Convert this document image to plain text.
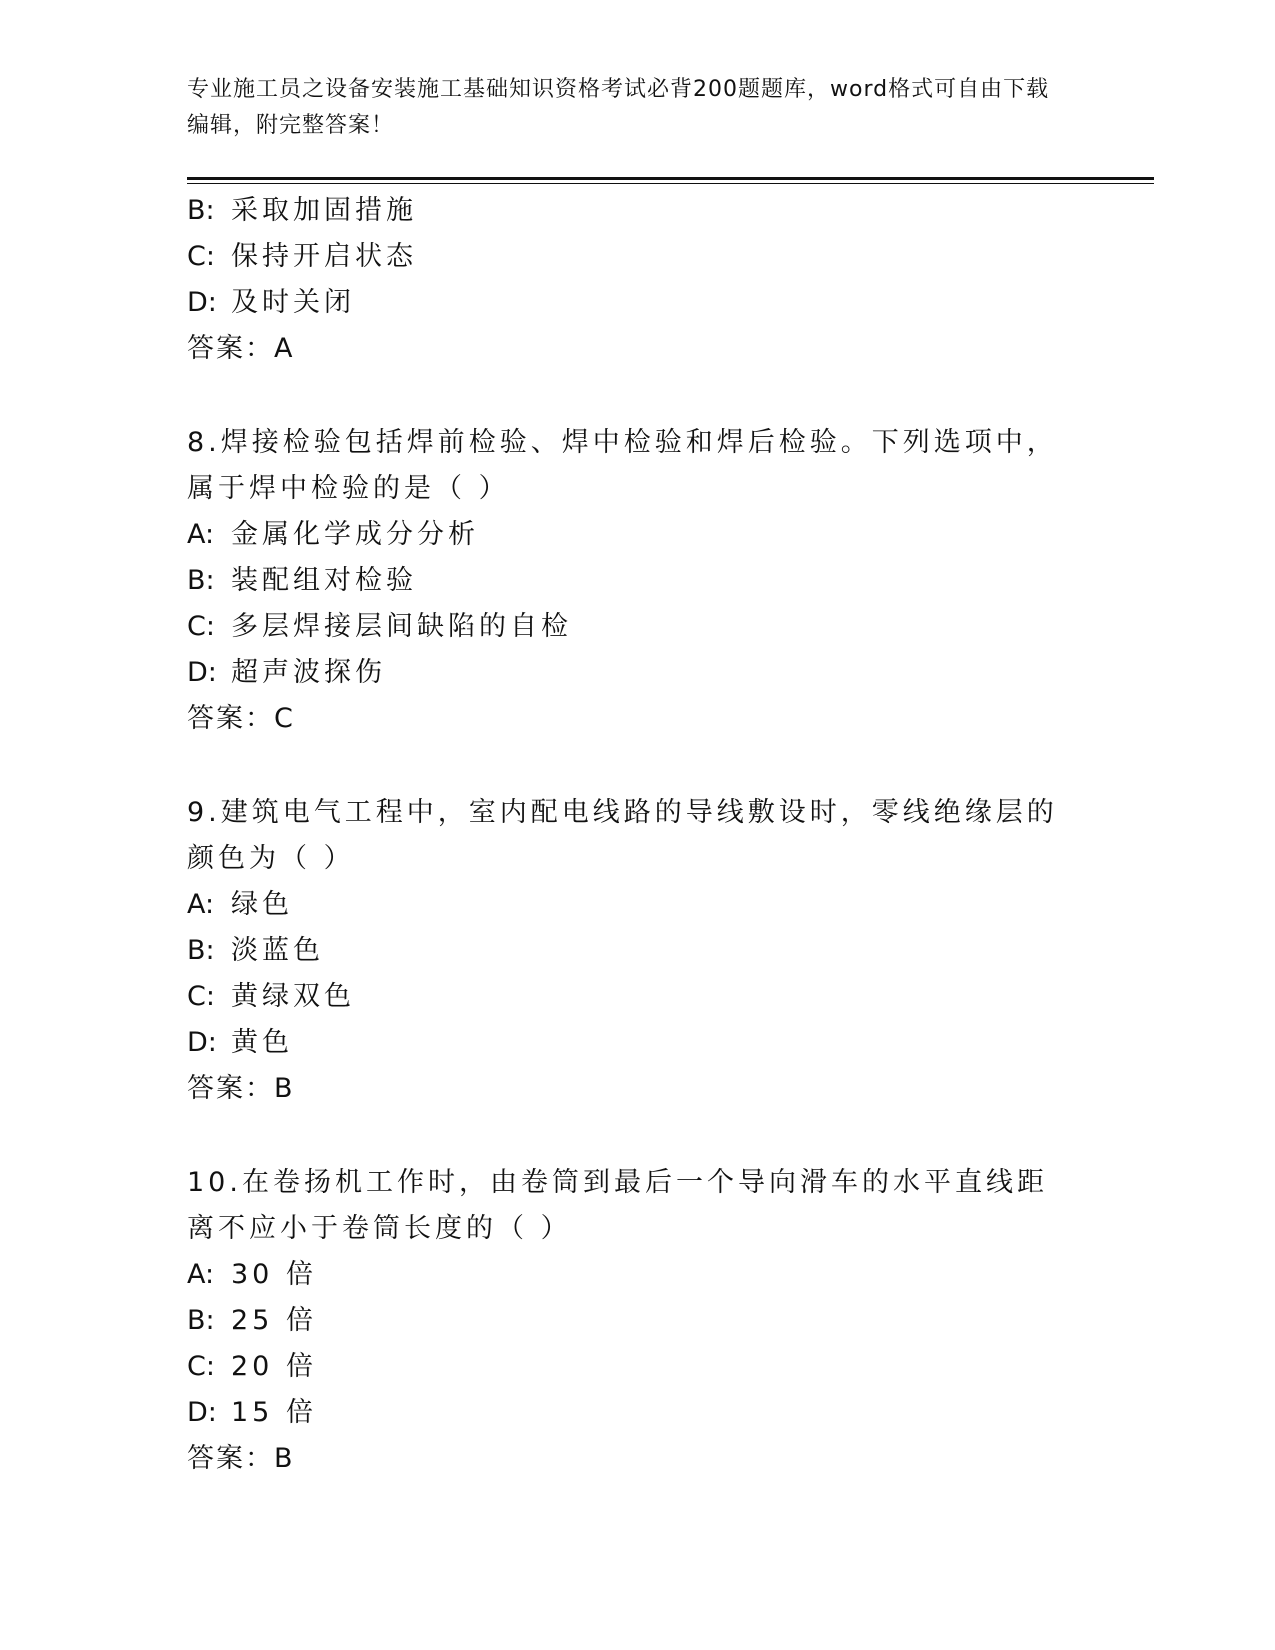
专业施工员之设备安装施工基础知识资格考试必背200题题库，word格式可自由下载编辑，附完整答案！
B: 采取加固措施
C: 保持开启状态
D: 及时关闭
答案：A
8.焊接检验包括焊前检验、焊中检验和焊后检验。下列选项中，属于焊中检验的是（ ）
A: 金属化学成分分析
B: 装配组对检验
C: 多层焊接层间缺陷的自检
D: 超声波探伤
答案：C
9.建筑电气工程中，室内配电线路的导线敷设时，零线绝缘层的颜色为（ ）
A: 绿色
B: 淡蓝色
C: 黄绿双色
D: 黄色
答案：B
10.在卷扬机工作时，由卷筒到最后一个导向滑车的水平直线距离不应小于卷筒长度的（ ）
A: 30 倍
B: 25 倍
C: 20 倍
D: 15 倍
答案：B
